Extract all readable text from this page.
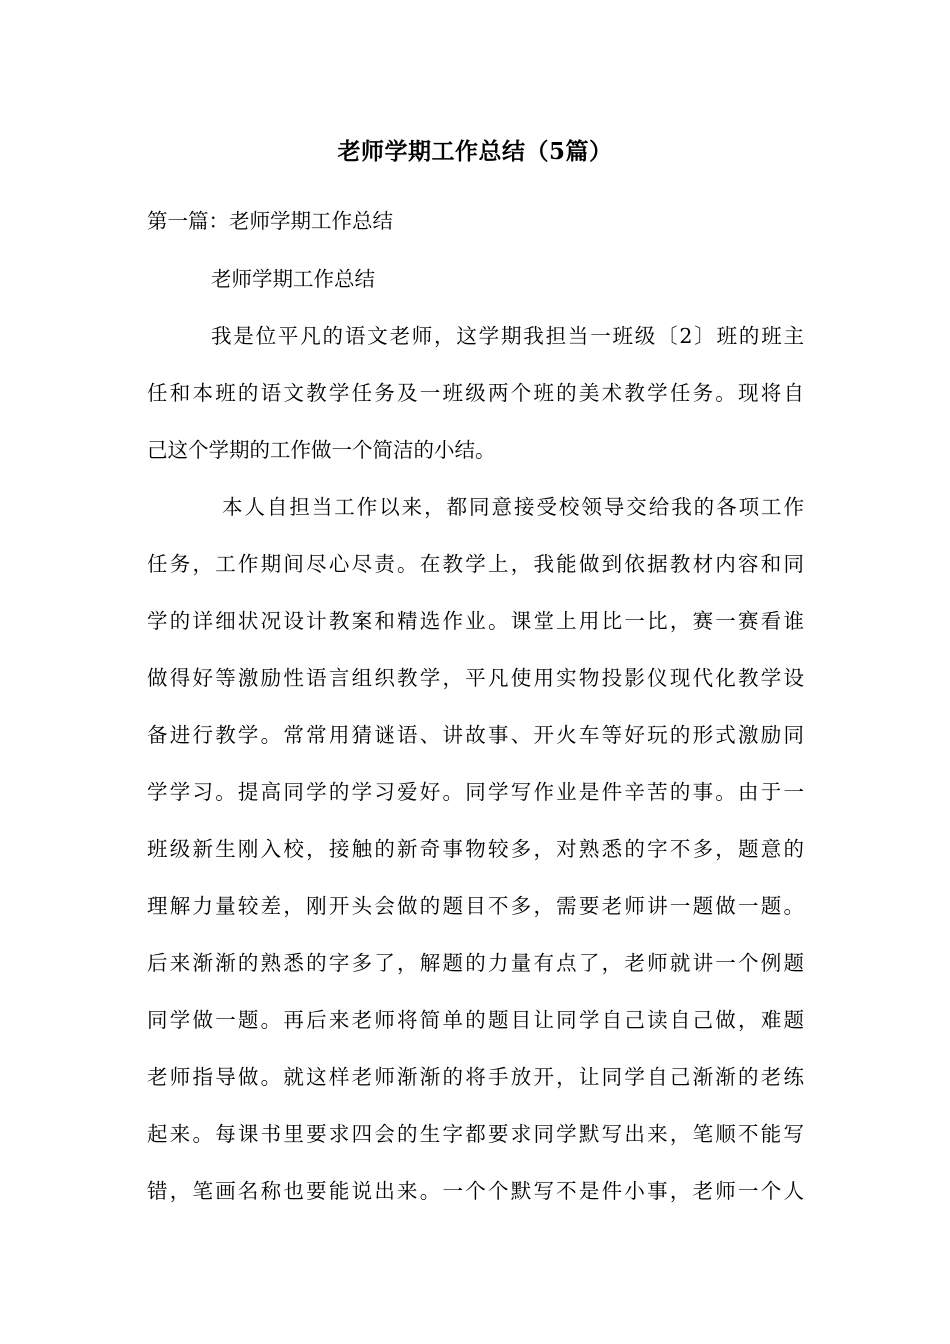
老师学期工作总结（5篇）

第一篇：老师学期工作总结

老师学期工作总结

我是位平凡的语文老师，这学期我担当一班级〔2〕班的班主

任和本班的语文教学任务及一班级两个班的美术教学任务。现将自

己这个学期的工作做一个简洁的小结。

本人自担当工作以来，都同意接受校领导交给我的各项工作

任务，工作期间尽心尽责。在教学上，我能做到依据教材内容和同

学的详细状况设计教案和精选作业。课堂上用比一比，赛一赛看谁

做得好等激励性语言组织教学，平凡使用实物投影仪现代化教学设

备进行教学。常常用猜谜语、讲故事、开火车等好玩的形式激励同

学学习。提高同学的学习爱好。同学写作业是件辛苦的事。由于一

班级新生刚入校，接触的新奇事物较多，对熟悉的字不多，题意的

理解力量较差，刚开头会做的题目不多，需要老师讲一题做一题。

后来渐渐的熟悉的字多了，解题的力量有点了，老师就讲一个例题

同学做一题。再后来老师将简单的题目让同学自己读自己做，难题

老师指导做。就这样老师渐渐的将手放开，让同学自己渐渐的老练

起来。每课书里要求四会的生字都要求同学默写出来，笔顺不能写

错，笔画名称也要能说出来。一个个默写不是件小事，老师一个人
